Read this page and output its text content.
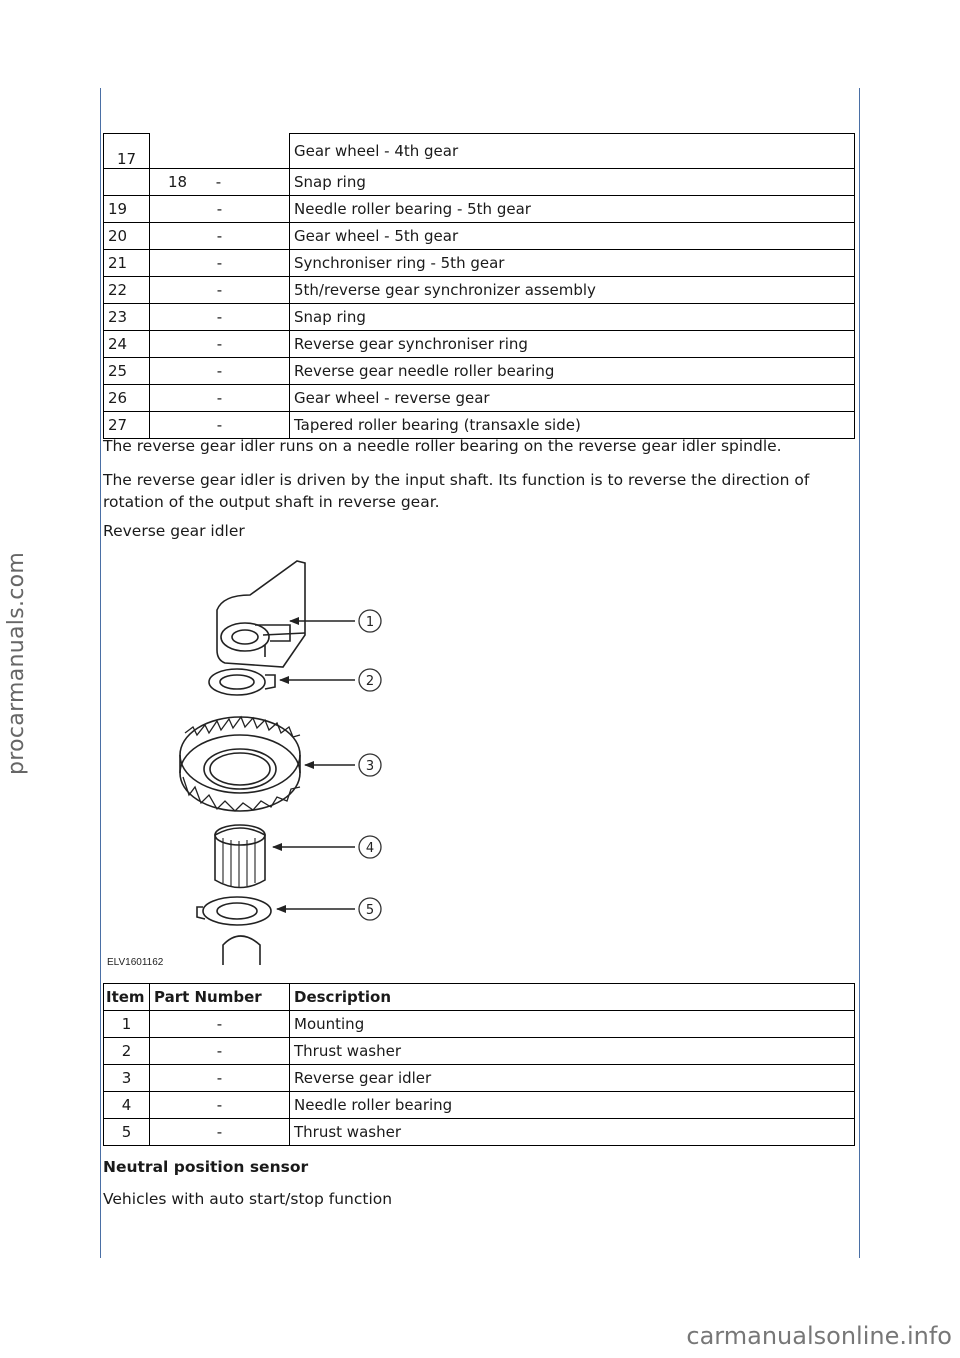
procarmanuals.com
17		Gear wheel - 4th gear
	18      -	Snap ring
19	-	Needle roller bearing - 5th gear
20	-	Gear wheel - 5th gear
21	-	Synchroniser ring - 5th gear
22	-	5th/reverse gear synchronizer assembly
23	-	Snap ring
24	-	Reverse gear synchroniser ring
25	-	Reverse gear needle roller bearing
26	-	Gear wheel - reverse gear
27	-	Tapered roller bearing (transaxle side)

The reverse gear idler runs on a needle roller bearing on the reverse gear idler spindle.

The reverse gear idler is driven by the input shaft. Its function is to reverse the direction of rotation of the output shaft in reverse gear.

Reverse gear idler

1
2
3
4
5
ELV1601162
Item	Part Number	Description
1	-	Mounting
2	-	Thrust washer
3	-	Reverse gear idler
4	-	Needle roller bearing
5	-	Thrust washer

Neutral position sensor

Vehicles with auto start/stop function

carmanualsonline.info
